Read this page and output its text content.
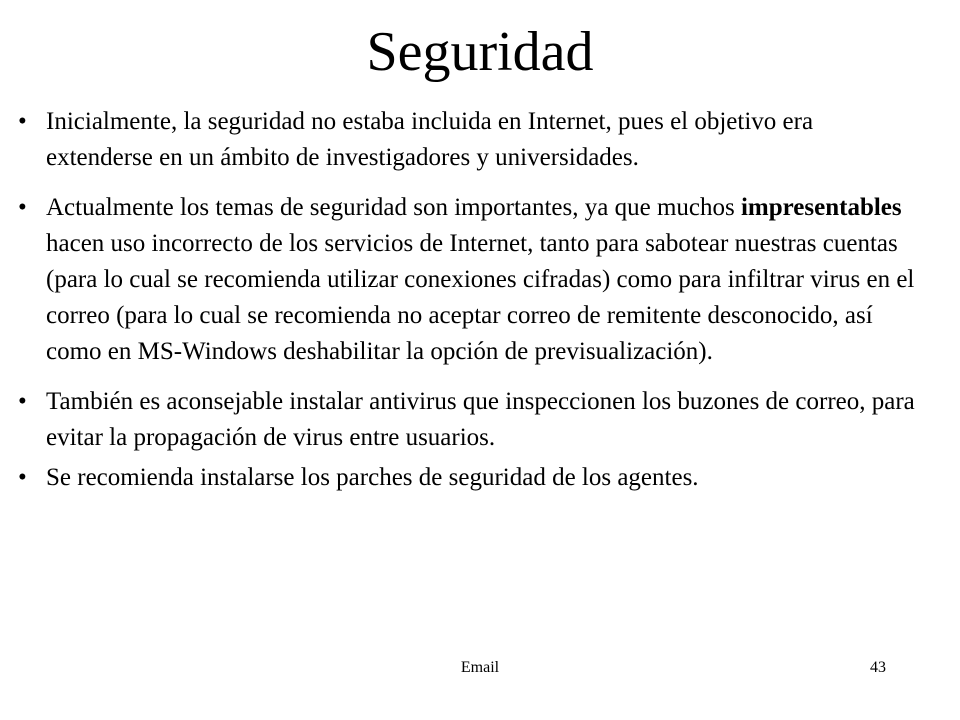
Seguridad
• Inicialmente, la seguridad no estaba incluida en Internet, pues el objetivo era extenderse en un ámbito de investigadores y universidades.
• Actualmente los temas de seguridad son importantes, ya que muchos impresentables hacen uso incorrecto de los servicios de Internet, tanto para sabotear nuestras cuentas (para lo cual se recomienda utilizar conexiones cifradas) como para infiltrar virus en el correo (para lo cual se recomienda no aceptar correo de remitente desconocido, así como en MS-Windows deshabilitar la opción de previsualización).
• También es aconsejable instalar antivirus que inspeccionen los buzones de correo, para evitar la propagación de virus entre usuarios.
• Se recomienda instalarse los parches de seguridad de los agentes.
Email	43
